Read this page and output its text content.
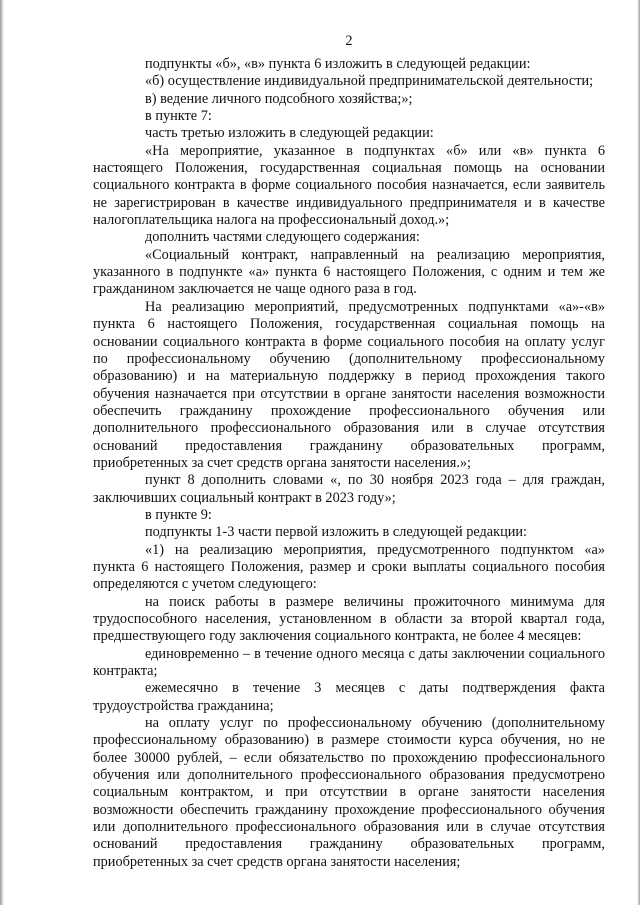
2

подпункты «б», «в» пункта 6 изложить в следующей редакции:

«б) осуществление индивидуальной предпринимательской деятельности;

в) ведение личного подсобного хозяйства;»;

в пункте 7:

часть третью изложить в следующей редакции:

«На мероприятие, указанное в подпунктах «б» или «в» пункта 6 настоящего Положения, государственная социальная помощь на основании социального контракта в форме социального пособия назначается, если заявитель не зарегистрирован в качестве индивидуального предпринимателя и в качестве налогоплательщика налога на профессиональный доход.»;

дополнить частями следующего содержания:

«Социальный контракт, направленный на реализацию мероприятия, указанного в подпункте «а» пункта 6 настоящего Положения, с одним и тем же гражданином заключается не чаще одного раза в год.

На реализацию мероприятий, предусмотренных подпунктами «а»-«в» пункта 6 настоящего Положения, государственная социальная помощь на основании социального контракта в форме социального пособия на оплату услуг по профессиональному обучению (дополнительному профессиональному образованию) и на материальную поддержку в период прохождения такого обучения назначается при отсутствии в органе занятости населения возможности обеспечить гражданину прохождение профессионального обучения или дополнительного профессионального образования или в случае отсутствия оснований предоставления гражданину образовательных программ, приобретенных за счет средств органа занятости населения.»;

пункт 8 дополнить словами «, по 30 ноября 2023 года – для граждан, заключивших социальный контракт в 2023 году»;

в пункте 9:

подпункты 1-3 части первой изложить в следующей редакции:

«1) на реализацию мероприятия, предусмотренного подпунктом «а» пункта 6 настоящего Положения, размер и сроки выплаты социального пособия определяются с учетом следующего:

на поиск работы в размере величины прожиточного минимума для трудоспособного населения, установленном в области за второй квартал года, предшествующего году заключения социального контракта, не более 4 месяцев:

единовременно – в течение одного месяца с даты заключении социального контракта;

ежемесячно в течение 3 месяцев с даты подтверждения факта трудоустройства гражданина;

на оплату услуг по профессиональному обучению (дополнительному профессиональному образованию) в размере стоимости курса обучения, но не более 30000 рублей, – если обязательство по прохождению профессионального обучения или дополнительного профессионального образования предусмотрено социальным контрактом, и при отсутствии в органе занятости населения возможности обеспечить гражданину прохождение профессионального обучения или дополнительного профессионального образования или в случае отсутствия оснований предоставления гражданину образовательных программ, приобретенных за счет средств органа занятости населения;
